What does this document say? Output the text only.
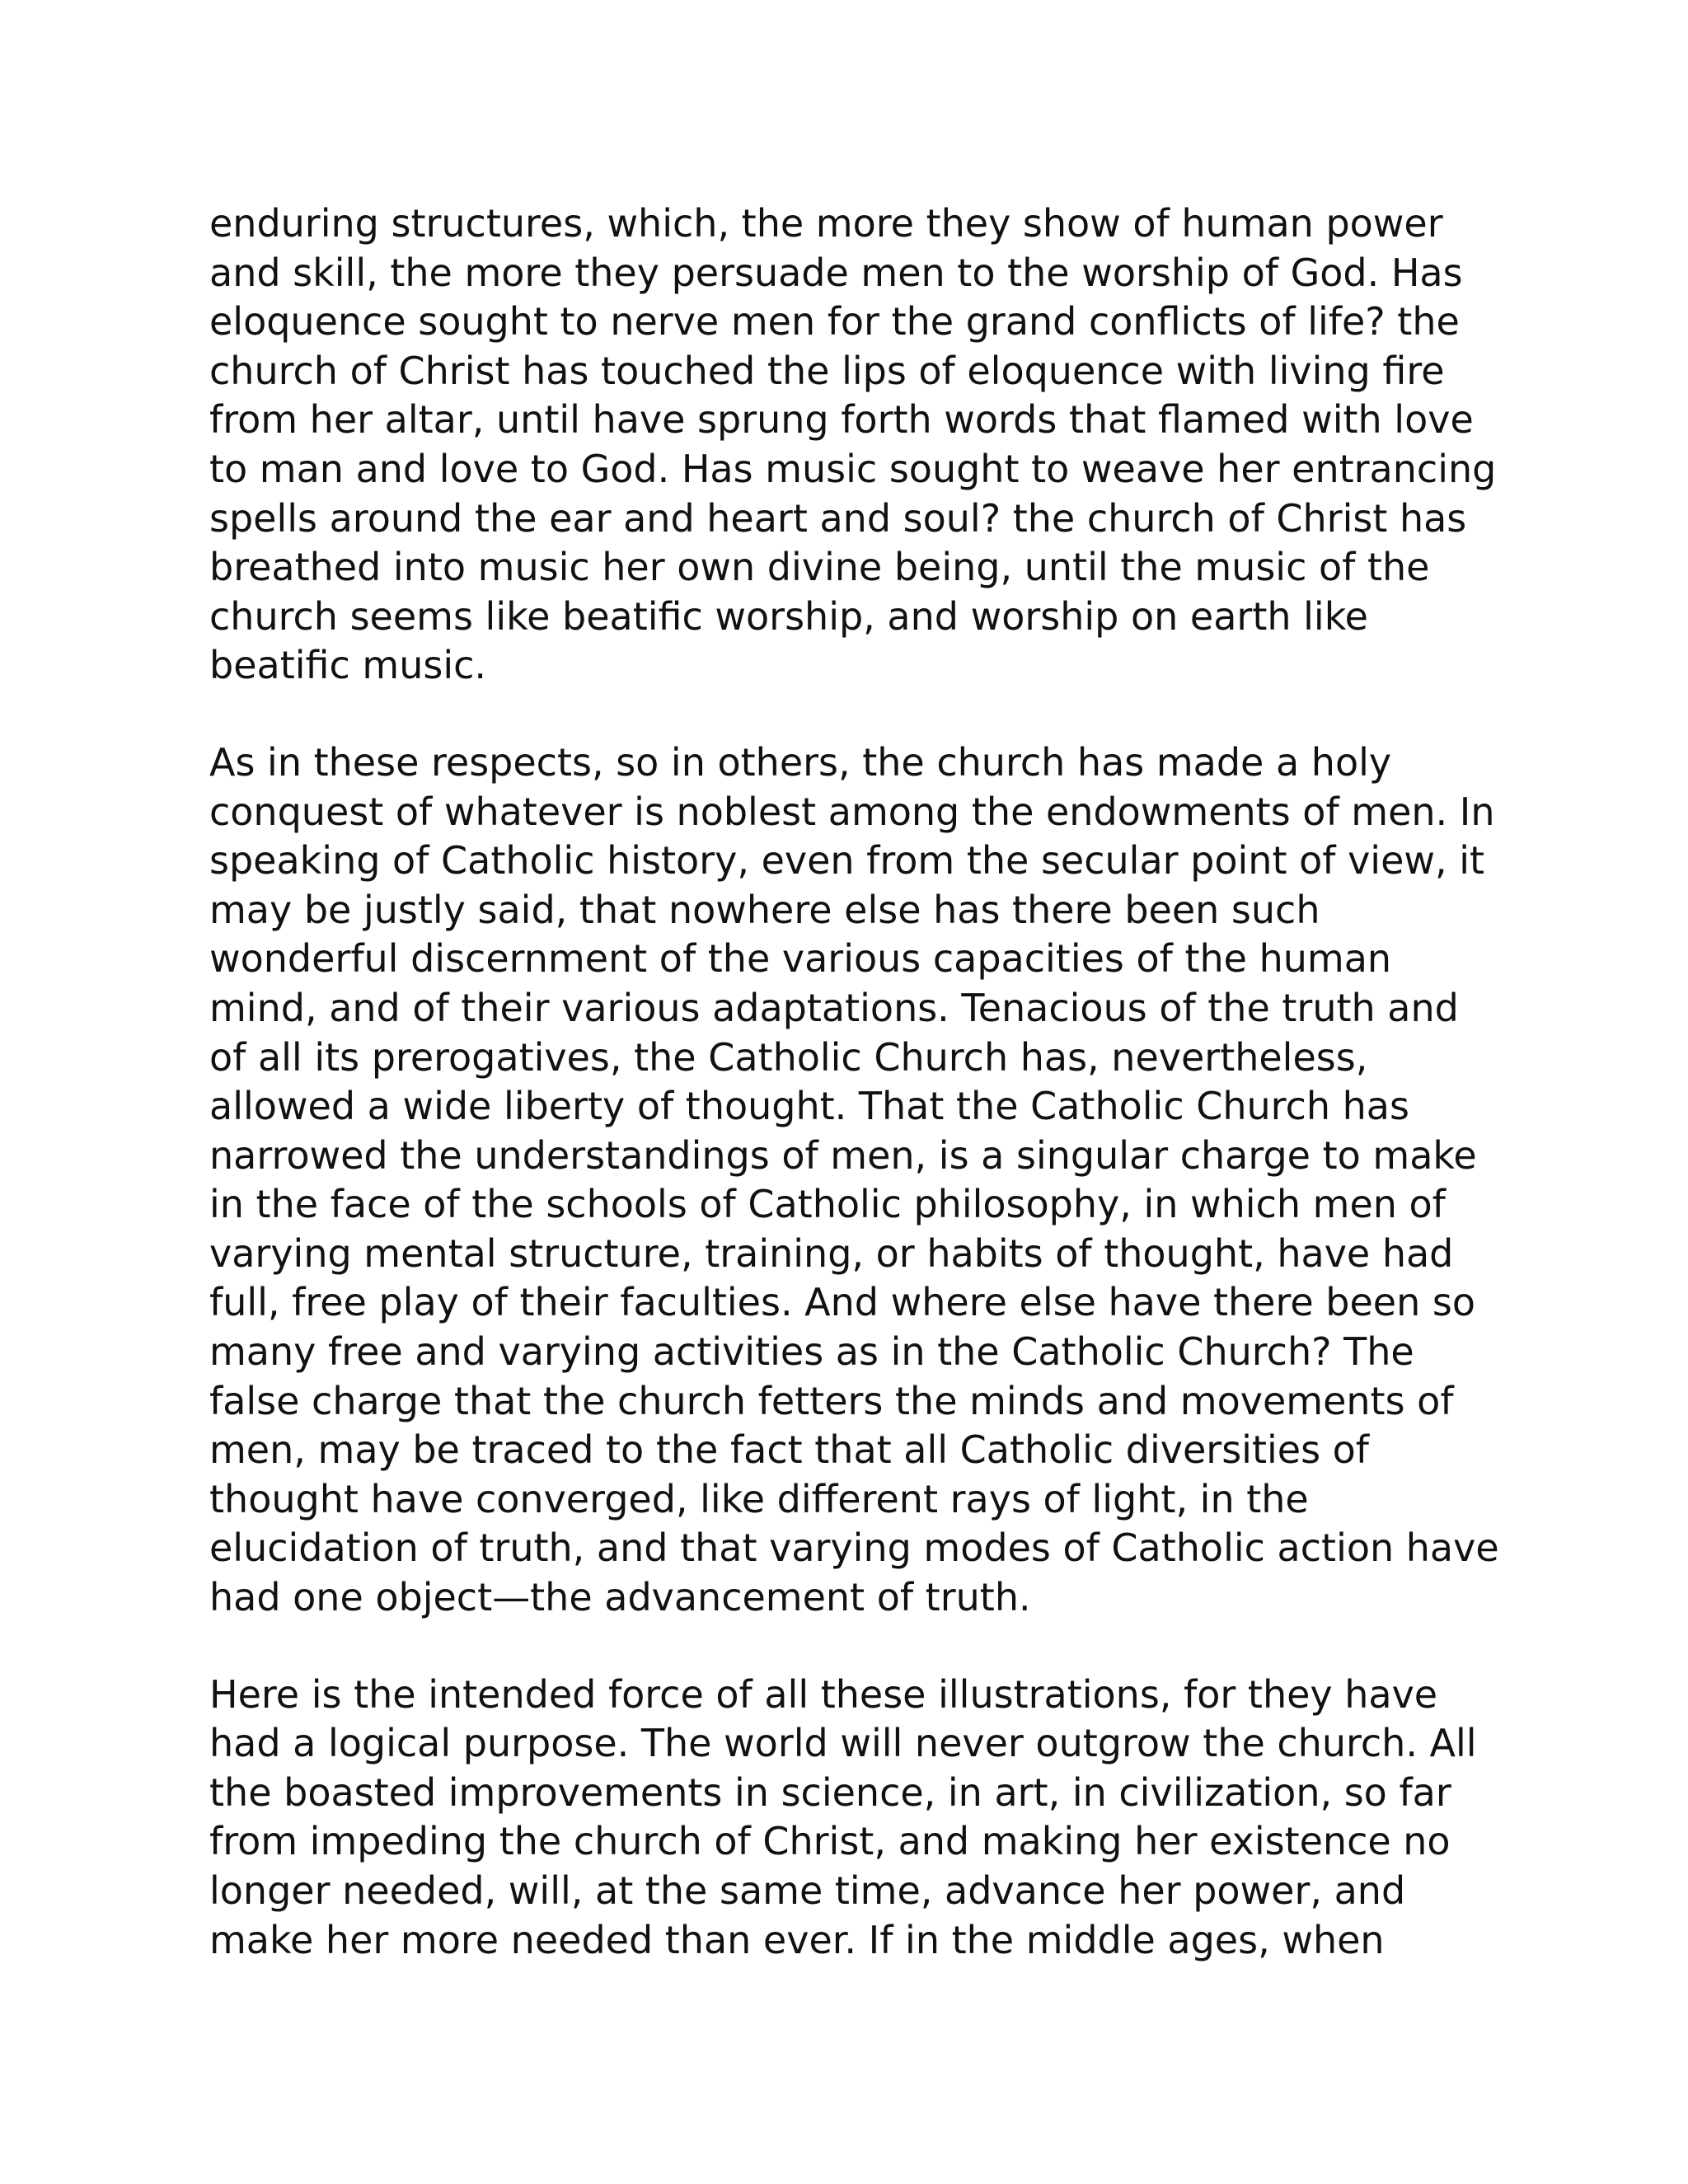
enduring structures, which, the more they show of human power
and skill, the more they persuade men to the worship of God. Has
eloquence sought to nerve men for the grand conflicts of life? the
church of Christ has touched the lips of eloquence with living fire
from her altar, until have sprung forth words that flamed with love
to man and love to God. Has music sought to weave her entrancing
spells around the ear and heart and soul? the church of Christ has
breathed into music her own divine being, until the music of the
church seems like beatific worship, and worship on earth like
beatific music.

As in these respects, so in others, the church has made a holy
conquest of whatever is noblest among the endowments of men. In
speaking of Catholic history, even from the secular point of view, it
may be justly said, that nowhere else has there been such
wonderful discernment of the various capacities of the human
mind, and of their various adaptations. Tenacious of the truth and
of all its prerogatives, the Catholic Church has, nevertheless,
allowed a wide liberty of thought. That the Catholic Church has
narrowed the understandings of men, is a singular charge to make
in the face of the schools of Catholic philosophy, in which men of
varying mental structure, training, or habits of thought, have had
full, free play of their faculties. And where else have there been so
many free and varying activities as in the Catholic Church? The
false charge that the church fetters the minds and movements of
men, may be traced to the fact that all Catholic diversities of
thought have converged, like different rays of light, in the
elucidation of truth, and that varying modes of Catholic action have
had one object—the advancement of truth.

Here is the intended force of all these illustrations, for they have
had a logical purpose. The world will never outgrow the church. All
the boasted improvements in science, in art, in civilization, so far
from impeding the church of Christ, and making her existence no
longer needed, will, at the same time, advance her power, and
make her more needed than ever. If in the middle ages, when
